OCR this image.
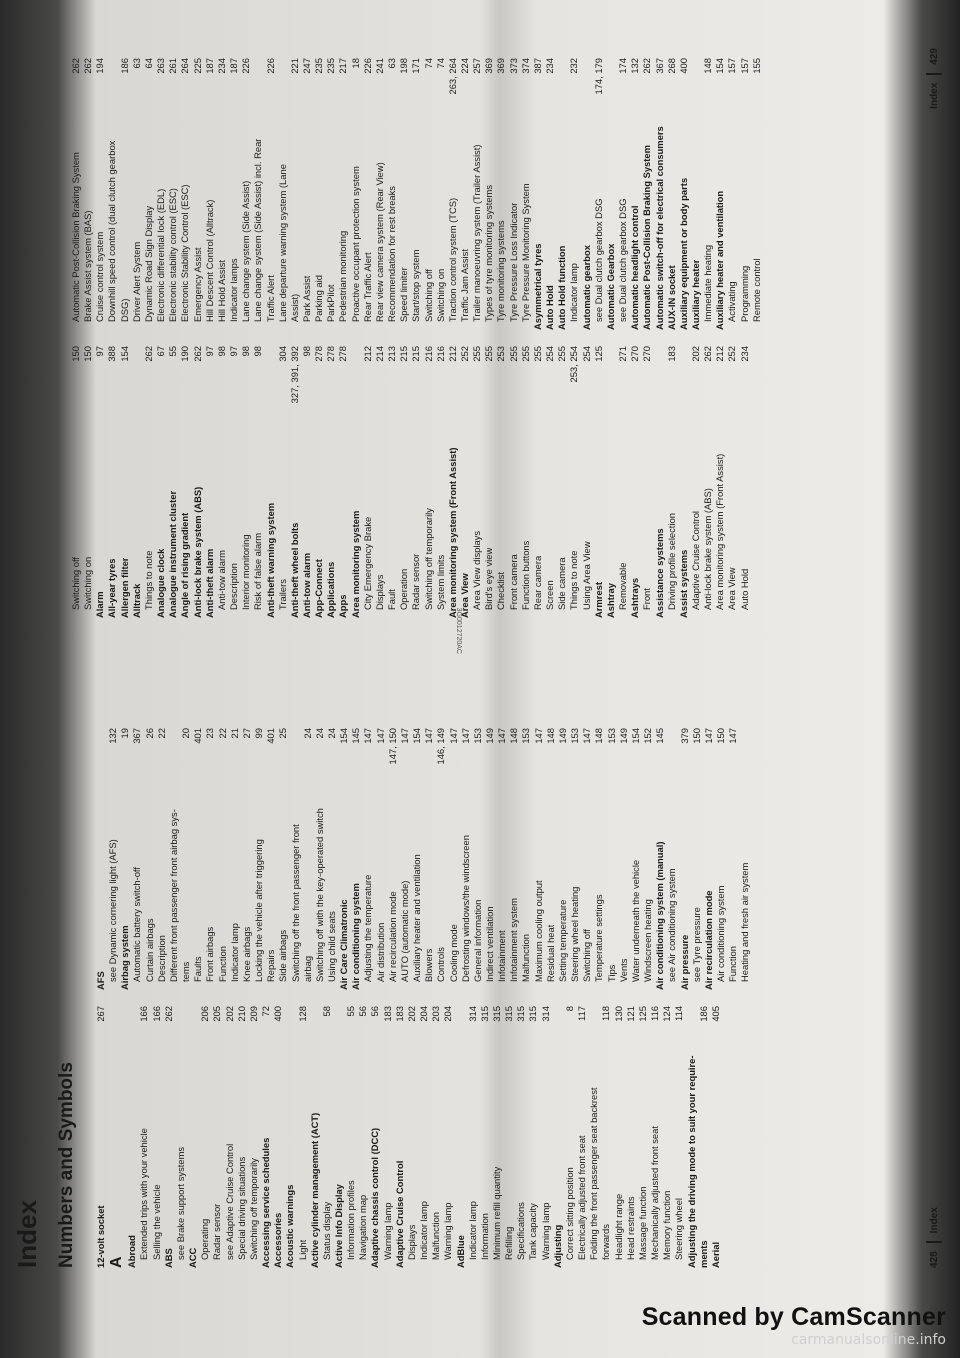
Index Numbers and Symbols 12-volt socket
267
A Abroad Extended trips with your vehicle
166
Selling the vehicle
166
ABS
262
see Brake support systems ACC Operating
206
Radar sensor
205
see Adaptive Cruise Control
202
Special driving situations
210
Switching off temporarily
209
Accessing service schedules
72
Accessories
400
Acoustic warnings Light
128
Active cylinder management (ACT) Status display
58
Active Info Display Information profiles
55
Navigation map
56
Adaptive chassis control (DCC)
56
Warning lamp
183
Adaptive Cruise Control
183
Displays
202
Indicator lamp
204
Malfunction
203
Warning lamp
204
AdBlue Indicator lamp
314
Information
315
Minimum refill quantity
315
Refilling
315
Specifications
315
Tank capacity
315
Warning lamp
314
Adjusting Correct sitting position
8
Electrically adjusted front seat
117
Folding the front passenger seat backrest forwards
118
Headlight range
130
Head restraints
121
Massage function
125
Mechanically adjusted front seat
116
Memory function
124
Steering wheel
114
Adjusting the driving mode to suit your require- ments
186
Aerial
405
AFS see Dynamic cornering light (AFS)
132
Airbag system
19
Automatic battery switch-off
367
Curtain airbags
26
Description
22
Different front passenger front airbag sys- tems
20
Faults
401
Front airbags
23
Function
22
Indicator lamp
21
Knee airbags
27
Locking the vehicle after triggering
99
Repairs
401
Side airbags
25
Switching off the front passenger front airbag
24
Switching off with the key-operated switch
24
Using child seats
24
Air Care Climatronic
154
Air conditioning system
145
Adjusting the temperature
147
Air distribution
147
Air recirculation mode
147, 150
AUTO (automatic mode)
147
Auxiliary heater and ventilation
154
Blowers
147
Controls
146, 149
Cooling mode
147
Defrosting windows/the windscreen
147
General information
153
Indirect ventilation
149
Infotainment
147
Infotainment system
148
Malfunction
153
Maximum cooling output
147
Residual heat
148
Setting temperature
149
Steering wheel heating
153
Switching off
147
Temperature settings
148
Tips
153
Vents
149
Water underneath the vehicle
154
Windscreen heating
152
Air conditioning system (manual)
145
see Air conditioning system Air pressure
379
see Tyre pressure
150
Air recirculation mode
147
Air conditioning system
150
Function
147
Heating and fresh air system
428
Index
3G0012720AC
Switching off
150
Switching on
150
Alarm
97
All-year tyres
388
Allergen filter
154
Alltrack Things to note
262
Analogue clock
67
Analogue instrument cluster
55
Angle of rising gradient
190
Anti-lock brake system (ABS)
262
Anti-theft alarm
97
Anti-tow alarm
98
Description
97
Interior monitoring
98
Risk of false alarm
98
Anti-theft warning system Trailers
304
Anti-theft wheel bolts
327, 391, 392
Anti-tow alarm
98
App-Connect
278
Applications
278
Apps
278
Area monitoring system City Emergency Brake
212
Displays
214
Fault
213
Operation
215
Radar sensor
215
Switching off temporarily
216
System limits
216
Area monitoring system (Front Assist)
212
Area View
252
Area View displays
255
Bird's eye view
255
Checklist
253
Front camera
255
Function buttons
255
Rear camera
255
Screen
254
Side camera
255
Things to note
253, 254
Using Area View
254
Armrest
125
Ashtray Removable
271
Ashtrays
270
Front
270
Assistance systems Driving profile selection
183
Assist systems Adaptive Cruise Control
202
Anti-lock brake system (ABS)
262
Area monitoring system (Front Assist)
212
Area View
252
Auto Hold
234
Automatic Post-Collision Braking System
262
Brake Assist system (BAS)
262
Cruise control system
194
Downhill speed control (dual clutch gearbox DSG)
186
Driver Alert System
63
Dynamic Road Sign Display
64
Electronic differential lock (EDL)
263
Electronic stability control (ESC)
261
Electronic Stability Control (ESC)
264
Emergency Assist
225
Hill Descent Control (Alltrack)
187
Hill Hold Assist
234
Indicator lamps
187
Lane change system (Side Assist)
226
Lane change system (Side Assist) incl. Rear Traffic Alert
226
Lane departure warning system (Lane Assist)
221
Park Assist
247
Parking aid
235
ParkPilot
235
Pedestrian monitoring
217
Proactive occupant protection system
18
Rear Traffic Alert
226
Rear view camera system (Rear View)
241
Recommendation for rest breaks
63
Speed limiter
198
Start/stop system
171
Switching off
74
Switching on
74
Traction control system (TCS)
263, 264
Traffic Jam Assist
224
Trailer manoeuvring system (Trailer Assist)
257
Types of tyre monitoring systems
369
Tyre monitoring systems
369
Tyre Pressure Loss Indicator
373
Tyre Pressure Monitoring System
374
Asymmetrical tyres
387
Auto Hold
234
Auto Hold function Indicator lamp
232
Automatic gearbox see Dual clutch gearbox DSG
174, 179
Automatic Gearbox see Dual clutch gearbox DSG
174
Automatic headlight control
132
Automatic Post-Collision Braking System
262
Automatic switch-off for electrical consumers
367
AUX-IN socket
268
Auxiliary equipment or body parts
400
Auxiliary heater Immediate heating
148
Auxiliary heater and ventilation
154
Activating
157
Programming
157
Remote control
155
Index
429
Scanned by CamScanner
carmanualsonline.info
